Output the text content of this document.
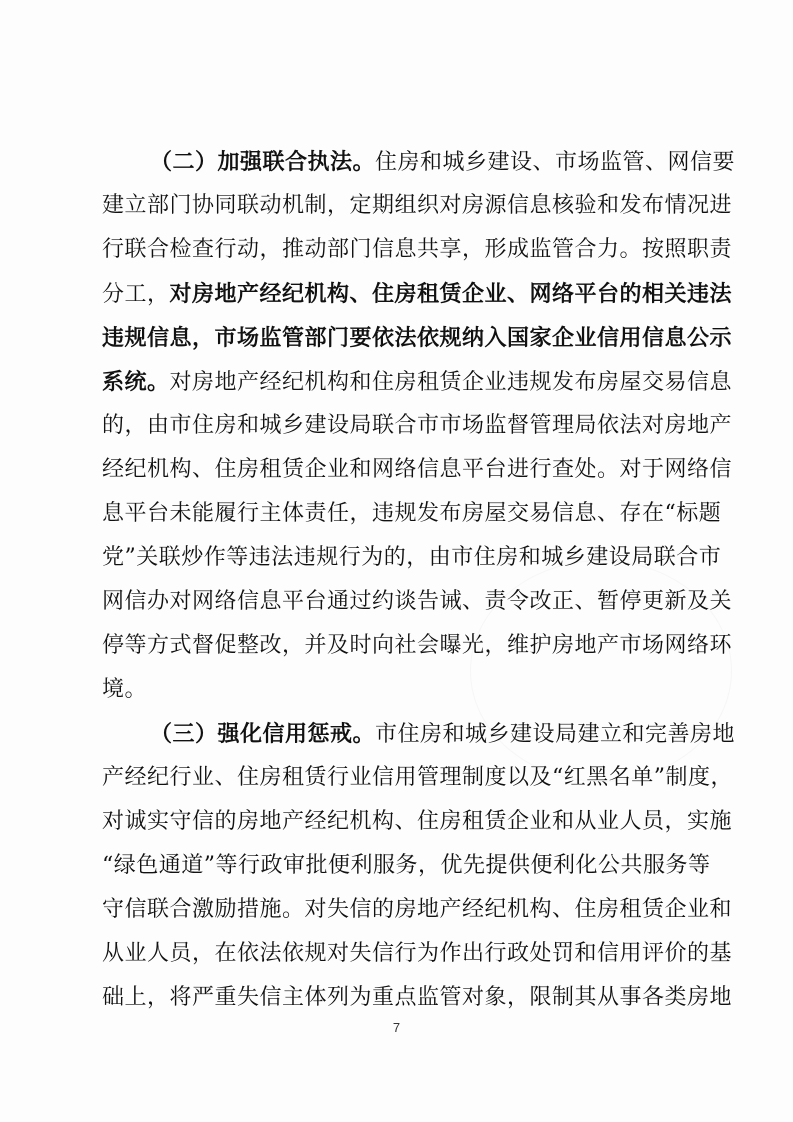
（二）加强联合执法。住房和城乡建设、市场监管、网信要
建立部门协同联动机制，定期组织对房源信息核验和发布情况进
行联合检查行动，推动部门信息共享，形成监管合力。按照职责
分工，对房地产经纪机构、住房租赁企业、网络平台的相关违法
违规信息，市场监管部门要依法依规纳入国家企业信用信息公示
系统。对房地产经纪机构和住房租赁企业违规发布房屋交易信息
的，由市住房和城乡建设局联合市市场监督管理局依法对房地产
经纪机构、住房租赁企业和网络信息平台进行查处。对于网络信
息平台未能履行主体责任，违规发布房屋交易信息、存在“标题
党”关联炒作等违法违规行为的，由市住房和城乡建设局联合市
网信办对网络信息平台通过约谈告诫、责令改正、暂停更新及关
停等方式督促整改，并及时向社会曝光，维护房地产市场网络环
境。
（三）强化信用惩戒。市住房和城乡建设局建立和完善房地
产经纪行业、住房租赁行业信用管理制度以及“红黑名单”制度，
对诚实守信的房地产经纪机构、住房租赁企业和从业人员，实施
“绿色通道”等行政审批便利服务，优先提供便利化公共服务等
守信联合激励措施。对失信的房地产经纪机构、住房租赁企业和
从业人员，在依法依规对失信行为作出行政处罚和信用评价的基
础上，将严重失信主体列为重点监管对象，限制其从事各类房地
7
